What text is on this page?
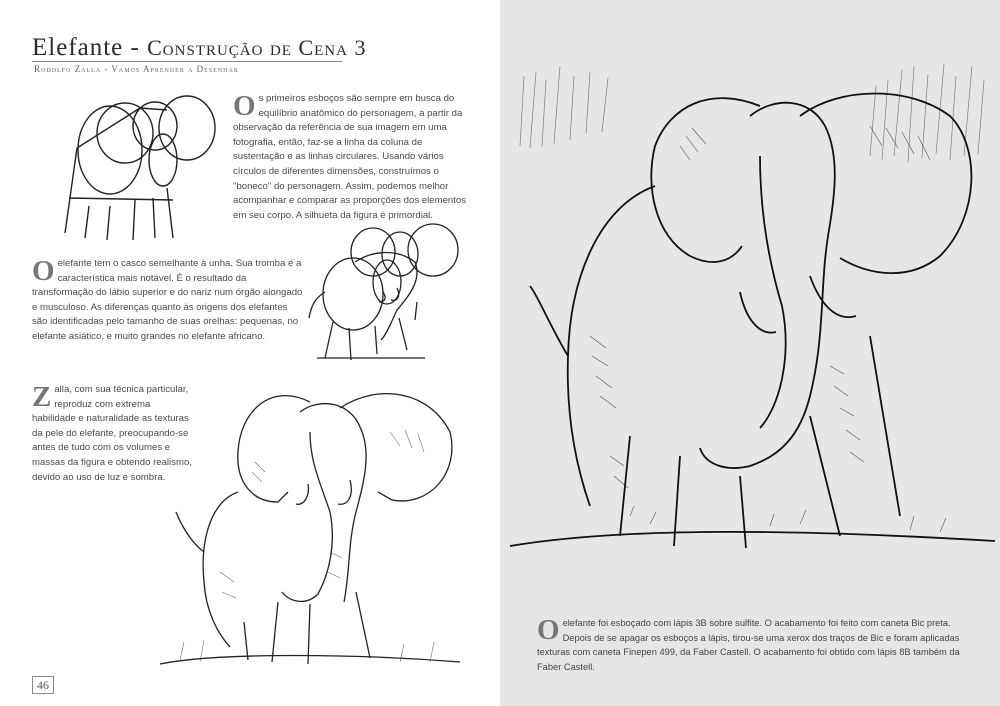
Elefante - Construção de Cena 3
Rodolfo Zalla - Vamos Aprender a Desenhar
Os primeiros esboços são sempre em busca do equilíbrio anatômico do personagem, a partir da observação da referência de sua imagem em uma fotografia, então, faz-se a linha da coluna de sustentação e as linhas circulares. Usando vários círculos de diferentes dimensões, construímos o "boneco" do personagem. Assim, podemos melhor acompanhar e comparar as proporções dos elementos em seu corpo. A silhueta da figura é primordial.
Oelefante tem o casco semelhante à unha. Sua tromba é a característica mais notável. É o resultado da transformação do lábio superior e do nariz num órgão alongado e musculoso. As diferenças quanto às origens dos elefantes são identificadas pelo tamanho de suas orelhas: pequenas, no elefante asiático, e muito grandes no elefante africano.
Zalla, com sua técnica particular, reproduz com extrema habilidade e naturalidade as texturas da pele do elefante, preocupando-se antes de tudo com os volumes e massas da figura e obtendo realismo, devido ao uso de luz e sombra.
Oelefante foi esboçado com lápis 3B sobre sulfite. O acabamento foi feito com caneta Bic preta. Depois de se apagar os esboços a lápis, tirou-se uma xerox dos traços de Bic e foram aplicadas texturas com caneta Finepen 499, da Faber Castell. O acabamento foi obtido com lápis 8B também da Faber Castell.
46
